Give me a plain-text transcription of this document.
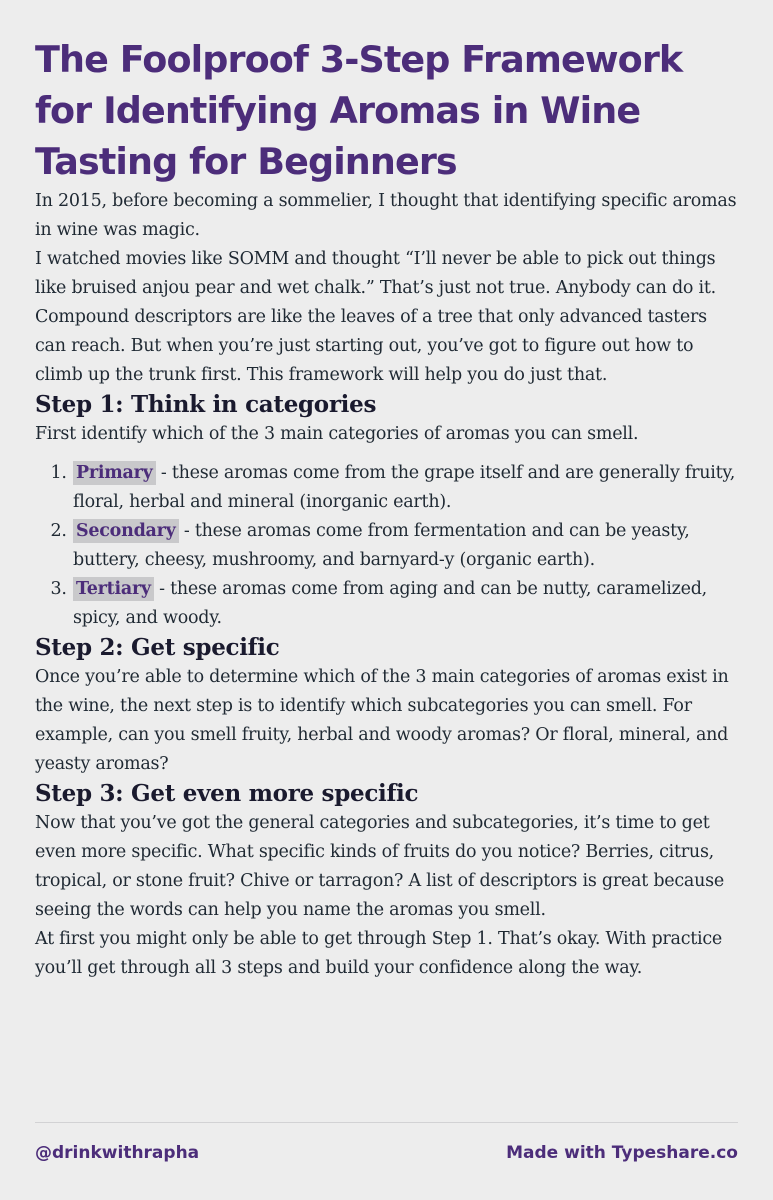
The Foolproof 3-Step Framework for Identifying Aromas in Wine Tasting for Beginners

In 2015, before becoming a sommelier, I thought that identifying specific aromas in wine was magic.

I watched movies like SOMM and thought “I’ll never be able to pick out things like bruised anjou pear and wet chalk.” That’s just not true. Anybody can do it.

Compound descriptors are like the leaves of a tree that only advanced tasters can reach. But when you’re just starting out, you’ve got to figure out how to climb up the trunk first. This framework will help you do just that.

Step 1: Think in categories

First identify which of the 3 main categories of aromas you can smell.

1. Primary - these aromas come from the grape itself and are generally fruity, floral, herbal and mineral (inorganic earth).
2. Secondary - these aromas come from fermentation and can be yeasty, buttery, cheesy, mushroomy, and barnyard-y (organic earth).
3. Tertiary - these aromas come from aging and can be nutty, caramelized, spicy, and woody.
Step 2: Get specific

Once you’re able to determine which of the 3 main categories of aromas exist in the wine, the next step is to identify which subcategories you can smell. For example, can you smell fruity, herbal and woody aromas? Or floral, mineral, and yeasty aromas?

Step 3: Get even more specific

Now that you’ve got the general categories and subcategories, it’s time to get even more specific. What specific kinds of fruits do you notice? Berries, citrus, tropical, or stone fruit? Chive or tarragon? A list of descriptors is great because seeing the words can help you name the aromas you smell.

At first you might only be able to get through Step 1. That’s okay. With practice you’ll get through all 3 steps and build your confidence along the way.

@drinkwithrapha	Made with Typeshare.co
